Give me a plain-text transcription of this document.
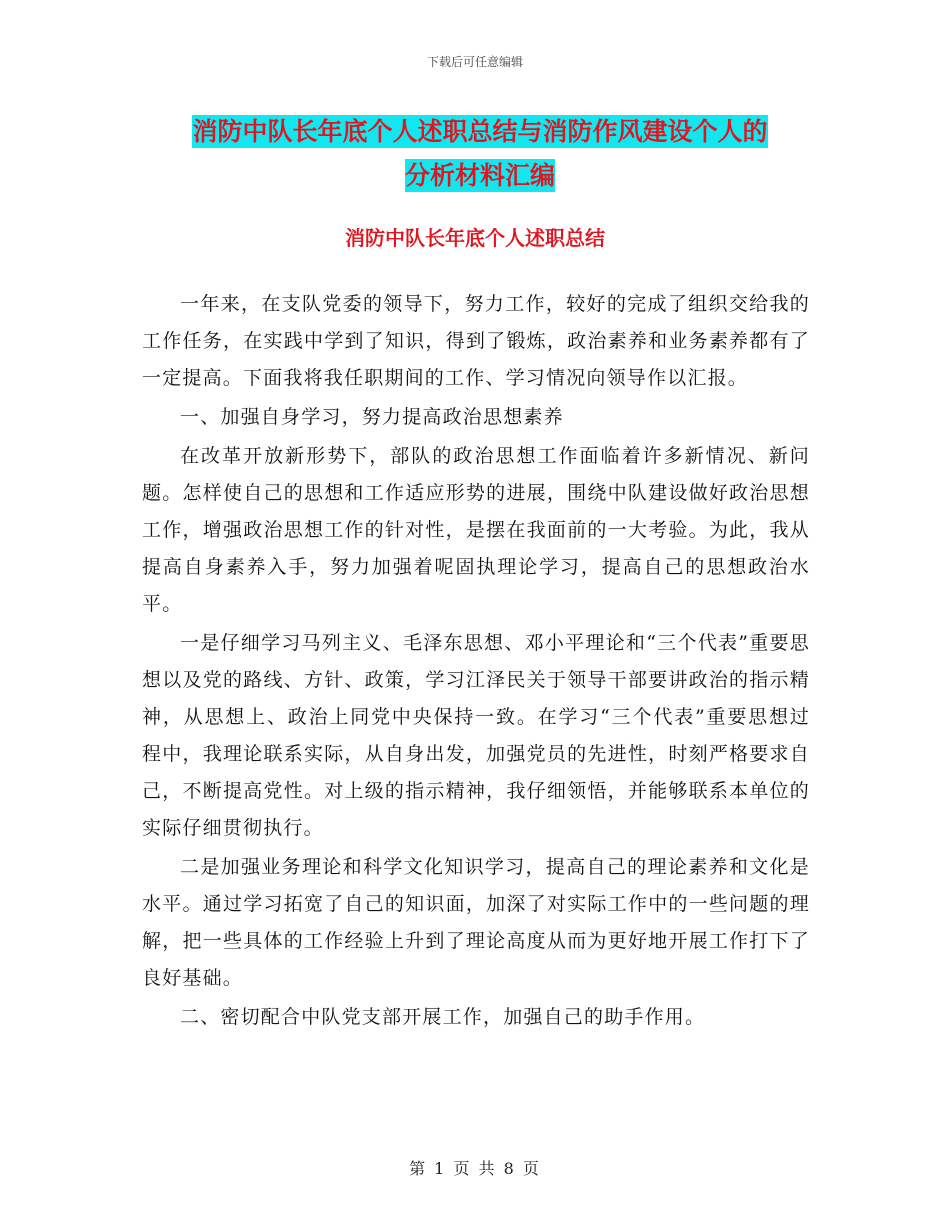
下载后可任意编辑
消防中队长年底个人述职总结与消防作风建设个人的
分析材料汇编
消防中队长年底个人述职总结

一年来，在支队党委的领导下，努力工作，较好的完成了组织交给我的工作任务，在实践中学到了知识，得到了锻炼，政治素养和业务素养都有了一定提高。下面我将我任职期间的工作、学习情况向领导作以汇报。

一、加强自身学习，努力提高政治思想素养

在改革开放新形势下，部队的政治思想工作面临着许多新情况、新问题。怎样使自己的思想和工作适应形势的进展，围绕中队建设做好政治思想工作，增强政治思想工作的针对性，是摆在我面前的一大考验。为此，我从提高自身素养入手，努力加强着呢固执理论学习，提高自己的思想政治水平。

一是仔细学习马列主义、毛泽东思想、邓小平理论和“三个代表”重要思想以及党的路线、方针、政策，学习江泽民关于领导干部要讲政治的指示精神，从思想上、政治上同党中央保持一致。在学习“三个代表”重要思想过程中，我理论联系实际，从自身出发，加强党员的先进性，时刻严格要求自己，不断提高党性。对上级的指示精神，我仔细领悟，并能够联系本单位的实际仔细贯彻执行。

二是加强业务理论和科学文化知识学习，提高自己的理论素养和文化是水平。通过学习拓宽了自己的知识面，加深了对实际工作中的一些问题的理解，把一些具体的工作经验上升到了理论高度从而为更好地开展工作打下了良好基础。

二、密切配合中队党支部开展工作，加强自己的助手作用。

第 1 页 共 8 页
